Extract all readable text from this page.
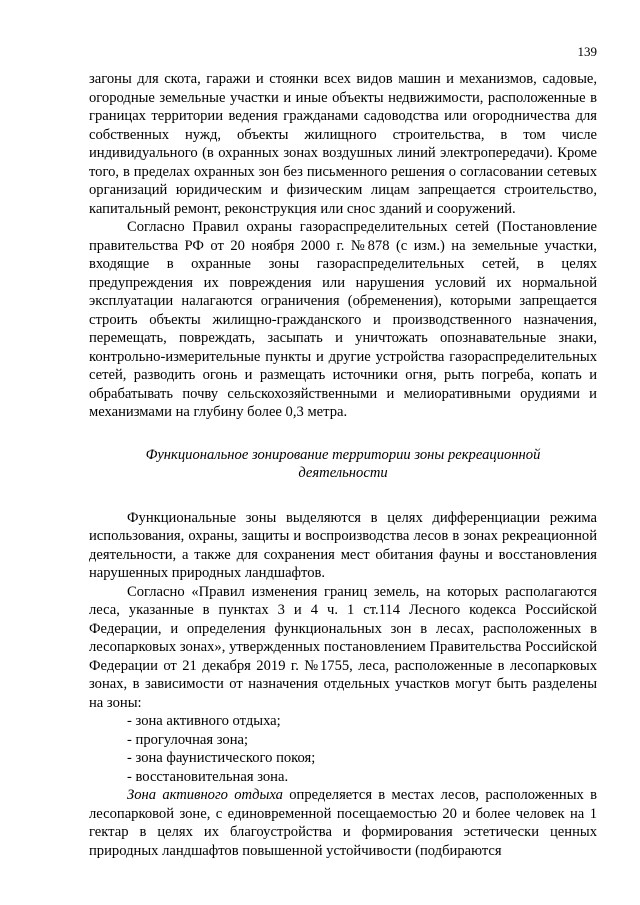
139

загоны для скота, гаражи и стоянки всех видов машин и механизмов, садовые, огородные земельные участки и иные объекты недвижимости, расположенные в границах территории ведения гражданами садоводства или огородничества для собственных нужд, объекты жилищного строительства, в том числе индивидуального (в охранных зонах воздушных линий электропередачи). Кроме того, в пределах охранных зон без письменного решения о согласовании сетевых организаций юридическим и физическим лицам запрещается строительство, капитальный ремонт, реконструкция или снос зданий и сооружений.

Согласно Правил охраны газораспределительных сетей (Постановление правительства РФ от 20 ноября 2000 г. №878 (с изм.) на земельные участки, входящие в охранные зоны газораспределительных сетей, в целях предупреждения их повреждения или нарушения условий их нормальной эксплуатации налагаются ограничения (обременения), которыми запрещается строить объекты жилищно-гражданского и производственного назначения, перемещать, повреждать, засыпать и уничтожать опознавательные знаки, контрольно-измерительные пункты и другие устройства газораспределительных сетей, разводить огонь и размещать источники огня, рыть погреба, копать и обрабатывать почву сельскохозяйственными и мелиоративными орудиями и механизмами на глубину более 0,3 метра.

Функциональное зонирование территории зоны рекреационной деятельности

Функциональные зоны выделяются в целях дифференциации режима использования, охраны, защиты и воспроизводства лесов в зонах рекреационной деятельности, а также для сохранения мест обитания фауны и восстановления нарушенных природных ландшафтов.

Согласно «Правил изменения границ земель, на которых располагаются леса, указанные в пунктах 3 и 4 ч. 1 ст.114 Лесного кодекса Российской Федерации, и определения функциональных зон в лесах, расположенных в лесопарковых зонах», утвержденных постановлением Правительства Российской Федерации от 21 декабря 2019 г. №1755, леса, расположенные в лесопарковых зонах, в зависимости от назначения отдельных участков могут быть разделены на зоны:

- зона активного отдыха;

- прогулочная зона;

- зона фаунистического покоя;

- восстановительная зона.

Зона активного отдыха определяется в местах лесов, расположенных в лесопарковой зоне, с единовременной посещаемостью 20 и более человек на 1 гектар в целях их благоустройства и формирования эстетически ценных природных ландшафтов повышенной устойчивости (подбираются
